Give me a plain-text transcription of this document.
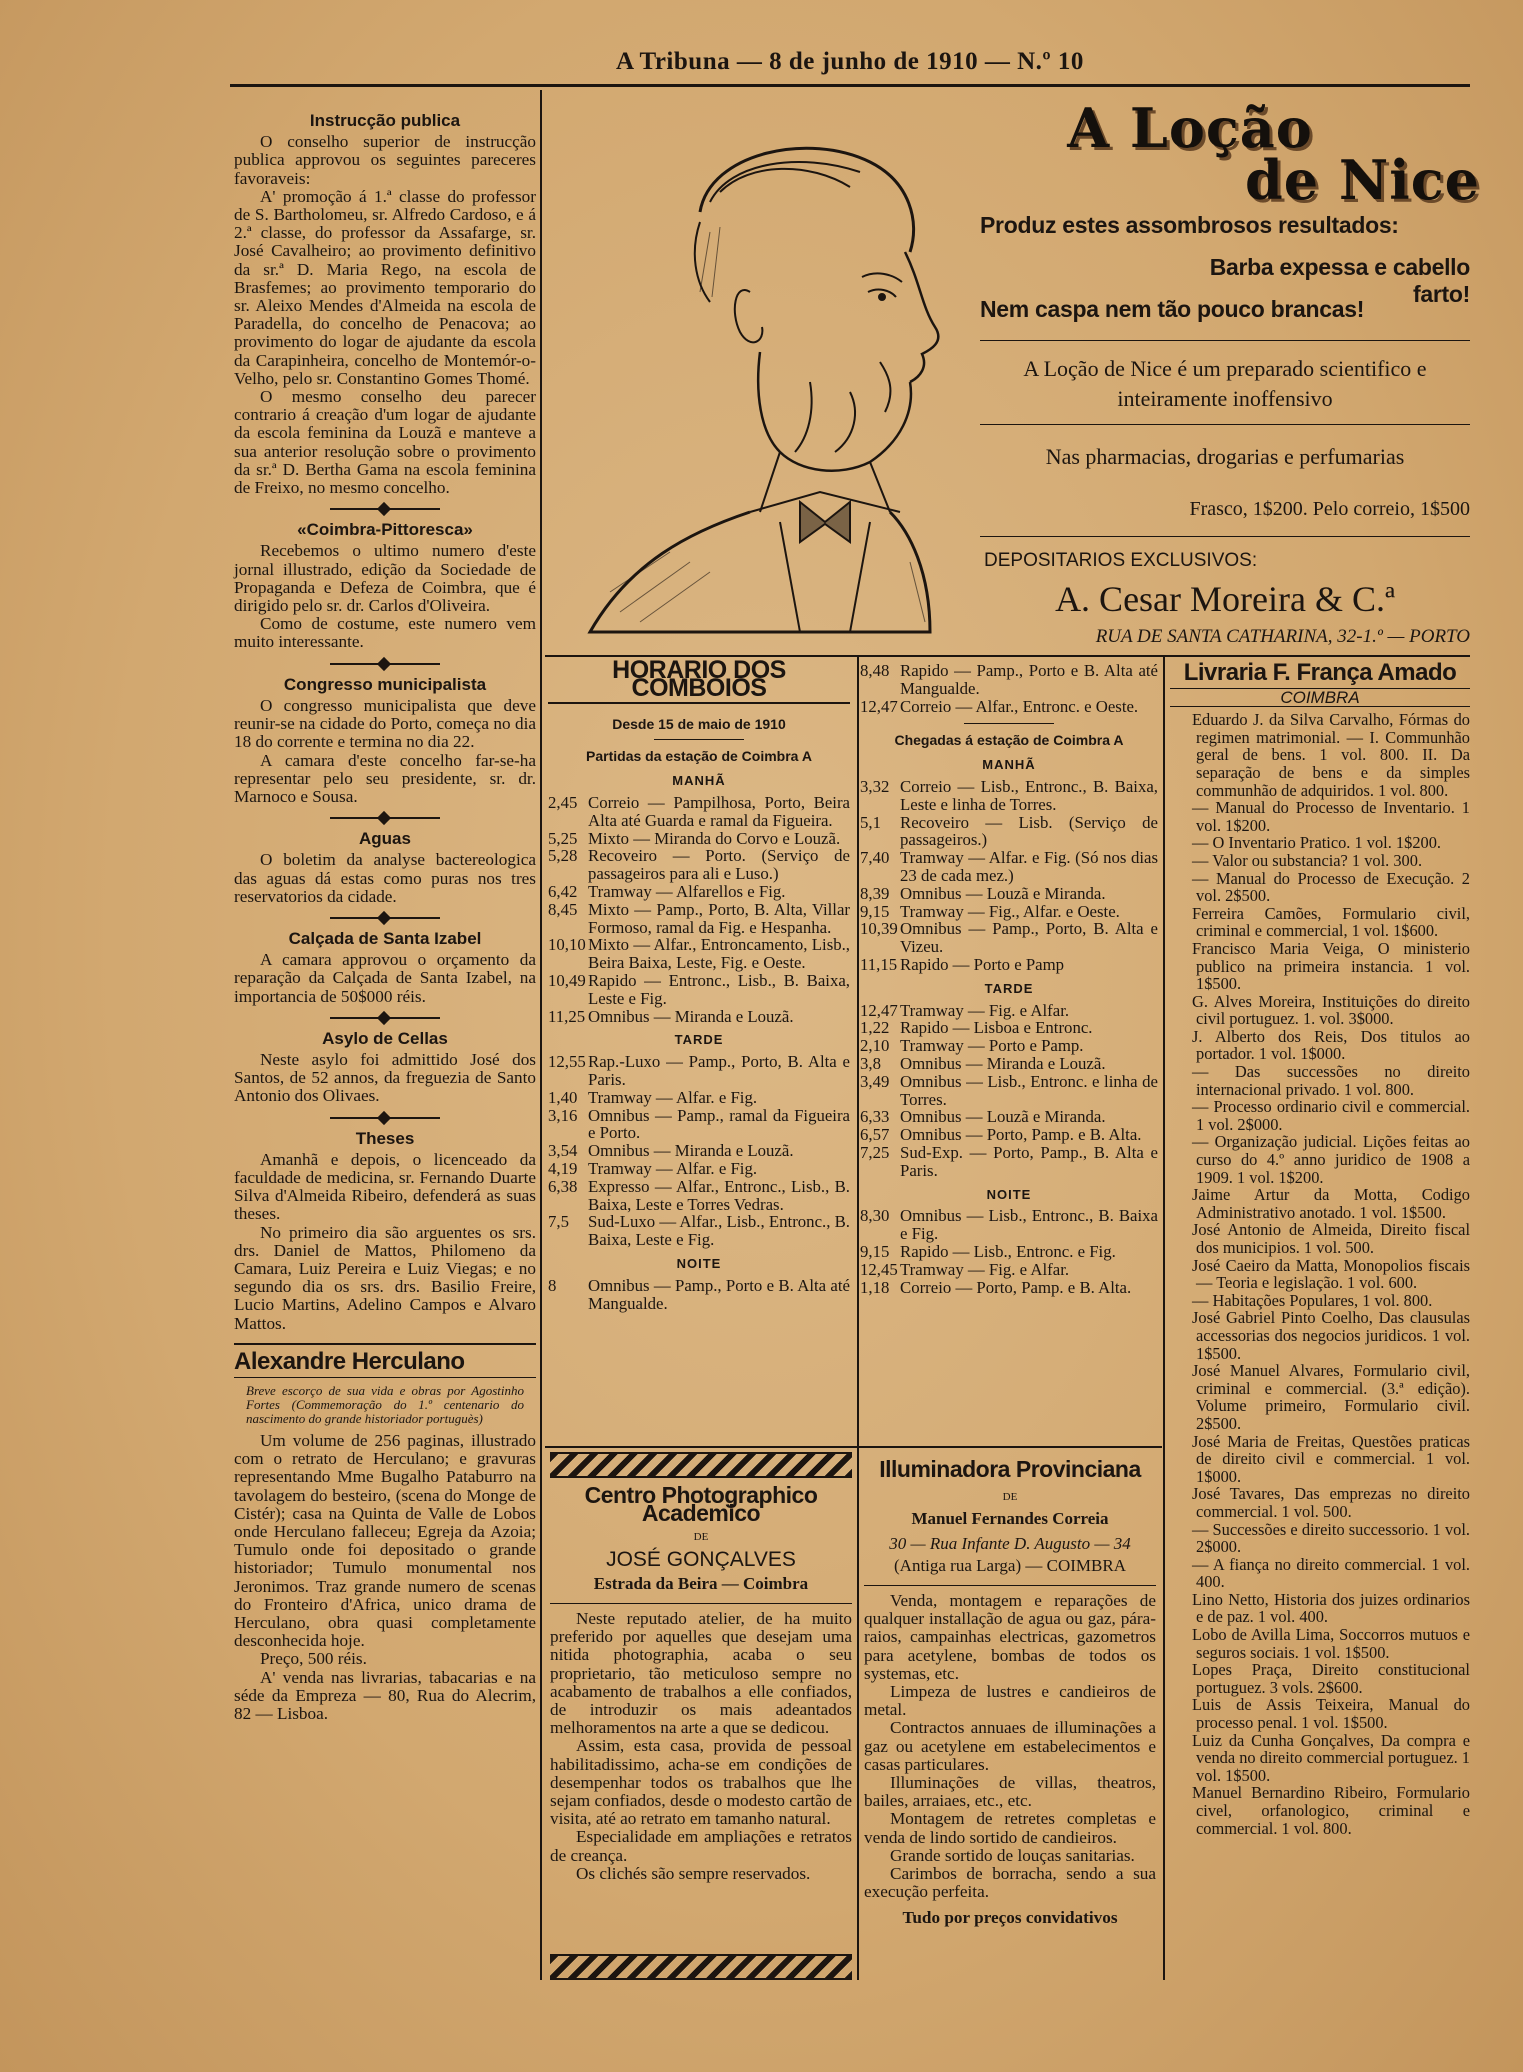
A Tribuna — 8 de junho de 1910 — N.º 10
Instrucção publica

O conselho superior de instrucção publica approvou os seguintes pareceres favoraveis:

A' promoção á 1.ª classe do professor de S. Bartholomeu, sr. Alfredo Cardoso, e á 2.ª classe, do professor da Assafarge, sr. José Cavalheiro; ao provimento definitivo da sr.ª D. Maria Rego, na escola de Brasfemes; ao provimento temporario do sr. Aleixo Mendes d'Almeida na escola de Paradella, do concelho de Penacova; ao provimento do logar de ajudante da escola da Carapinheira, concelho de Montemór-o-Velho, pelo sr. Constantino Gomes Thomé.

O mesmo conselho deu parecer contrario á creação d'um logar de ajudante da escola feminina da Louzã e manteve a sua anterior resolução sobre o provimento da sr.ª D. Bertha Gama na escola feminina de Freixo, no mesmo concelho.

«Coimbra-Pittoresca»

Recebemos o ultimo numero d'este jornal illustrado, edição da Sociedade de Propaganda e Defeza de Coimbra, que é dirigido pelo sr. dr. Carlos d'Oliveira.

Como de costume, este numero vem muito interessante.

Congresso municipalista

O congresso municipalista que deve reunir-se na cidade do Porto, começa no dia 18 do corrente e termina no dia 22.

A camara d'este concelho far-se-ha representar pelo seu presidente, sr. dr. Marnoco e Sousa.

Aguas

O boletim da analyse bactereologica das aguas dá estas como puras nos tres reservatorios da cidade.

Calçada de Santa Izabel

A camara approvou o orçamento da reparação da Calçada de Santa Izabel, na importancia de 50$000 réis.

Asylo de Cellas

Neste asylo foi admittido José dos Santos, de 52 annos, da freguezia de Santo Antonio dos Olivaes.

Theses

Amanhã e depois, o licenceado da faculdade de medicina, sr. Fernando Duarte Silva d'Almeida Ribeiro, defenderá as suas theses.

No primeiro dia são arguentes os srs. drs. Daniel de Mattos, Philomeno da Camara, Luiz Pereira e Luiz Viegas; e no segundo dia os srs. drs. Basilio Freire, Lucio Martins, Adelino Campos e Alvaro Mattos.

Alexandre Herculano

Breve escorço de sua vida e obras por Agostinho Fortes (Commemoração do 1.º centenario do nascimento do grande historiador portuguès)

Um volume de 256 paginas, illustrado com o retrato de Herculano; e gravuras representando Mme Bugalho Pataburro na tavolagem do besteiro, (scena do Monge de Cistér); casa na Quinta de Valle de Lobos onde Herculano falleceu; Egreja da Azoia; Tumulo onde foi depositado o grande historiador; Tumulo monumental nos Jeronimos. Traz grande numero de scenas do Fronteiro d'Africa, unico drama de Herculano, obra quasi completamente desconhecida hoje.

Preço, 500 réis.

A' venda nas livrarias, tabacarias e na séde da Empreza — 80, Rua do Alecrim, 82 — Lisboa.

A Loção
de Nice
Produz estes assombrosos resultados:
Barba expessa e cabello farto!
Nem caspa nem tão pouco brancas!
A Loção de Nice é um preparado scientifico e
inteiramente inoffensivo
Nas pharmacias, drogarias e perfumarias
Frasco, 1$200. Pelo correio, 1$500
DEPOSITARIOS EXCLUSIVOS:
A. Cesar Moreira & C.ª
RUA DE SANTA CATHARINA, 32-1.º — PORTO
HORARIO DOS COMBOIOS
Desde 15 de maio de 1910
Partidas da estação de Coimbra A
MANHÃ
2,45 Correio — Pampilhosa, Porto, Beira Alta até Guarda e ramal da Figueira.
5,25 Mixto — Miranda do Corvo e Louzã.
5,28 Recoveiro — Porto. (Serviço de passageiros para ali e Luso.)
6,42 Tramway — Alfarellos e Fig.
8,45 Mixto — Pamp., Porto, B. Alta, Villar Formoso, ramal da Fig. e Hespanha.
10,10 Mixto — Alfar., Entroncamento, Lisb., Beira Baixa, Leste, Fig. e Oeste.
10,49 Rapido — Entronc., Lisb., B. Baixa, Leste e Fig.
11,25 Omnibus — Miranda e Louzã.
TARDE
12,55 Rap.-Luxo — Pamp., Porto, B. Alta e Paris.
1,40 Tramway — Alfar. e Fig.
3,16 Omnibus — Pamp., ramal da Figueira e Porto.
3,54 Omnibus — Miranda e Louzã.
4,19 Tramway — Alfar. e Fig.
6,38 Expresso — Alfar., Entronc., Lisb., B. Baixa, Leste e Torres Vedras.
7,5	Sud-Luxo — Alfar., Lisb., Entronc., B. Baixa, Leste e Fig.
NOITE
8	Omnibus — Pamp., Porto e B. Alta até Mangualde.
8,48 Rapido — Pamp., Porto e B. Alta até Mangualde.
12,47 Correio — Alfar., Entronc. e Oeste.
Chegadas á estação de Coimbra A
MANHÃ
3,32 Correio — Lisb., Entronc., B. Baixa, Leste e linha de Torres.
5,1	Recoveiro — Lisb. (Serviço de passageiros.)
7,40 Tramway — Alfar. e Fig. (Só nos dias 23 de cada mez.)
8,39 Omnibus — Louzã e Miranda.
9,15 Tramway — Fig., Alfar. e Oeste.
10,39 Omnibus — Pamp., Porto, B. Alta e Vizeu.
11,15 Rapido — Porto e Pamp
TARDE
12,47 Tramway — Fig. e Alfar.
1,22 Rapido — Lisboa e Entronc.
2,10 Tramway — Porto e Pamp.
3,8	Omnibus — Miranda e Louzã.
3,49 Omnibus — Lisb., Entronc. e linha de Torres.
6,33 Omnibus — Louzã e Miranda.
6,57 Omnibus — Porto, Pamp. e B. Alta.
7,25 Sud-Exp. — Porto, Pamp., B. Alta e Paris.
NOITE
8,30 Omnibus — Lisb., Entronc., B. Baixa e Fig.
9,15 Rapido — Lisb., Entronc. e Fig.
12,45 Tramway — Fig. e Alfar.
1,18 Correio — Porto, Pamp. e B. Alta.
Centro Photographico Academico
DE
JOSÉ GONÇALVES
Estrada da Beira — Coimbra

Neste reputado atelier, de ha muito preferido por aquelles que desejam uma nitida photographia, acaba o seu proprietario, tão meticuloso sempre no acabamento de trabalhos a elle confiados, de introduzir os mais adeantados melhoramentos na arte a que se dedicou.

Assim, esta casa, provida de pessoal habilitadissimo, acha-se em condições de desempenhar todos os trabalhos que lhe sejam confiados, desde o modesto cartão de visita, até ao retrato em tamanho natural.

Especialidade em ampliações e retratos de creança.

Os clichés são sempre reservados.

Illuminadora Provinciana
DE
Manuel Fernandes Correia
30 — Rua Infante D. Augusto — 34
(Antiga rua Larga) — COIMBRA

Venda, montagem e reparações de qualquer installação de agua ou gaz, pára-raios, campainhas electricas, gazometros para acetylene, bombas de todos os systemas, etc.

Limpeza de lustres e candieiros de metal.

Contractos annuaes de illuminações a gaz ou acetylene em estabelecimentos e casas particulares.

Illuminações de villas, theatros, bailes, arraiaes, etc., etc.

Montagem de retretes completas e venda de lindo sortido de candieiros.

Grande sortido de louças sanitarias.

Carimbos de borracha, sendo a sua execução perfeita.

Tudo por preços convidativos
Livraria F. França Amado
COIMBRA

Eduardo J. da Silva Carvalho, Fórmas do regimen matrimonial. — I. Communhão geral de bens. 1 vol. 800. II. Da separação de bens e da simples communhão de adquiridos. 1 vol. 800.

— Manual do Processo de Inventario. 1 vol. 1$200.

— O Inventario Pratico. 1 vol. 1$200.

— Valor ou substancia? 1 vol. 300.

— Manual do Processo de Execução. 2 vol. 2$500.

Ferreira Camões, Formulario civil, criminal e commercial, 1 vol. 1$600.

Francisco Maria Veiga, O ministerio publico na primeira instancia. 1 vol. 1$500.

G. Alves Moreira, Instituições do direito civil portuguez. 1. vol. 3$000.

J. Alberto dos Reis, Dos titulos ao portador. 1 vol. 1$000.

— Das successões no direito internacional privado. 1 vol. 800.

— Processo ordinario civil e commercial. 1 vol. 2$000.

— Organização judicial. Lições feitas ao curso do 4.º anno juridico de 1908 a 1909. 1 vol. 1$200.

Jaime Artur da Motta, Codigo Administrativo anotado. 1 vol. 1$500.

José Antonio de Almeida, Direito fiscal dos municipios. 1 vol. 500.

José Caeiro da Matta, Monopolios fiscais — Teoria e legislação. 1 vol. 600.

— Habitações Populares, 1 vol. 800.

José Gabriel Pinto Coelho, Das clausulas accessorias dos negocios juridicos. 1 vol. 1$500.

José Manuel Alvares, Formulario civil, criminal e commercial. (3.ª edição). Volume primeiro, Formulario civil. 2$500.

José Maria de Freitas, Questões praticas de direito civil e commercial. 1 vol. 1$000.

José Tavares, Das emprezas no direito commercial. 1 vol. 500.

— Successões e direito successorio. 1 vol. 2$000.

— A fiança no direito commercial. 1 vol. 400.

Lino Netto, Historia dos juizes ordinarios e de paz. 1 vol. 400.

Lobo de Avilla Lima, Soccorros mutuos e seguros sociais. 1 vol. 1$500.

Lopes Praça, Direito constitucional portuguez. 3 vols. 2$600.

Luis de Assis Teixeira, Manual do processo penal. 1 vol. 1$500.

Luiz da Cunha Gonçalves, Da compra e venda no direito commercial portuguez. 1 vol. 1$500.

Manuel Bernardino Ribeiro, Formulario civel, orfanologico, criminal e commercial. 1 vol. 800.
